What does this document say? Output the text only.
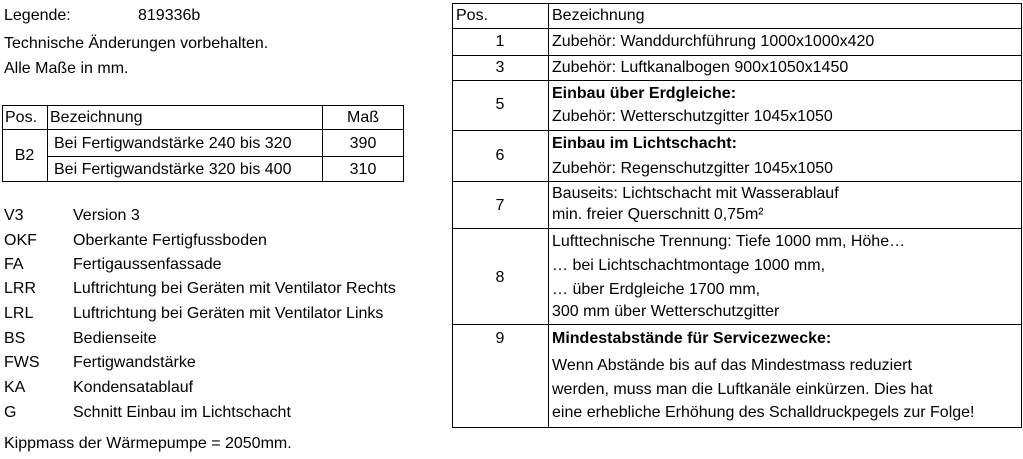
Legende:	819336b
Technische Änderungen vorbehalten.
Alle Maße in mm.
Pos. Bezeichnung	Maß
B2
Bei Fertigwandstärke 240 bis 320	390
Bei Fertigwandstärke 320 bis 400	310
V3	Version 3
OKF Oberkante Fertigfussboden
FA	Fertigaussenfassade
LRR Luftrichtung bei Geräten mit Ventilator Rechts
LRL Luftrichtung bei Geräten mit Ventilator Links
BS	Bedienseite
FWS Fertigwandstärke
KA	Kondensatablauf
G	Schnitt Einbau im Lichtschacht
Kippmass der Wärmepumpe = 2050mm.
Pos.	Bezeichnung
1	Zubehör: Wanddurchführung 1000x1000x420
3	Zubehör: Luftkanalbogen 900x1050x1450
5
Einbau über Erdgleiche:
Zubehör: Wetterschutzgitter 1045x1050
6
Einbau im Lichtschacht:
Zubehör: Regenschutzgitter 1045x1050
7
Bauseits: Lichtschacht mit Wasserablauf
min. freier Querschnitt 0,75m²
8
Lufttechnische Trennung: Tiefe 1000 mm, Höhe…
… bei Lichtschachtmontage 1000 mm,
… über Erdgleiche 1700 mm,
300 mm über Wetterschutzgitter
9	Mindestabstände für Servicezwecke:
Wenn Abstände bis auf das Mindestmass reduziert
werden, muss man die Luftkanäle einkürzen. Dies hat
eine erhebliche Erhöhung des Schalldruckpegels zur Folge!
